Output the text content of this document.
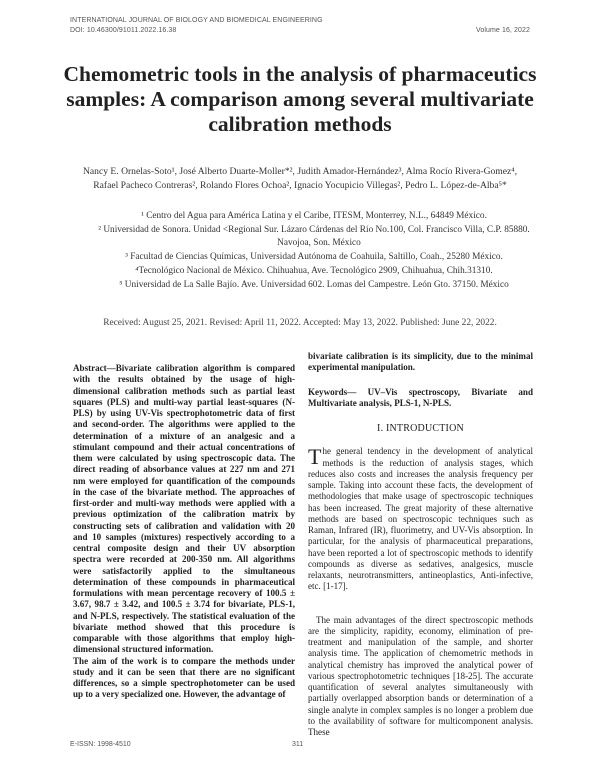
INTERNATIONAL JOURNAL OF BIOLOGY AND BIOMEDICAL ENGINEERING
DOI: 10.46300/91011.2022.16.38	Volume 16, 2022
Chemometric tools in the analysis of pharmaceutics samples: A comparison among several multivariate calibration methods
Nancy E. Ornelas-Soto¹, José Alberto Duarte-Moller*², Judith Amador-Hernández³, Alma Rocío Rivera-Gomez⁴, Rafael Pacheco Contreras², Rolando Flores Ochoa², Ignacio Yocupicio Villegas², Pedro L. López-de-Alba⁵*
¹ Centro del Agua para América Latina y el Caribe, ITESM, Monterrey, N.L., 64849 México.
² Universidad de Sonora. Unidad <Regional Sur. Lázaro Cárdenas del Río No.100, Col. Francisco Villa, C.P. 85880. Navojoa, Son. México
³ Facultad de Ciencias Químicas, Universidad Autónoma de Coahuila, Saltillo, Coah., 25280 México.
⁴Tecnológico Nacional de México. Chihuahua, Ave. Tecnológico 2909, Chihuahua, Chih.31310.
⁵ Universidad de La Salle Bajío. Ave. Universidad 602. Lomas del Campestre. León Gto. 37150. México
Received: August 25, 2021. Revised: April 11, 2022. Accepted: May 13, 2022. Published: June 22, 2022.

Abstract—Bivariate calibration algorithm is compared with the results obtained by the usage of high-dimensional calibration methods such as partial least squares (PLS) and multi-way partial least-squares (N-PLS) by using UV-Vis spectrophotometric data of first and second-order. The algorithms were applied to the determination of a mixture of an analgesic and a stimulant compound and their actual concentrations of them were calculated by using spectroscopic data. The direct reading of absorbance values at 227 nm and 271 nm were employed for quantification of the compounds in the case of the bivariate method. The approaches of first-order and multi-way methods were applied with a previous optimization of the calibration matrix by constructing sets of calibration and validation with 20 and 10 samples (mixtures) respectively according to a central composite design and their UV absorption spectra were recorded at 200-350 nm. All algorithms were satisfactorily applied to the simultaneous determination of these compounds in pharmaceutical formulations with mean percentage recovery of 100.5 ± 3.67, 98.7 ± 3.42, and 100.5 ± 3.74 for bivariate, PLS-1, and N-PLS, respectively. The statistical evaluation of the bivariate method showed that this procedure is comparable with those algorithms that employ high-dimensional structured information.

The aim of the work is to compare the methods under study and it can be seen that there are no significant differences, so a simple spectrophotometer can be used up to a very specialized one. However, the advantage of

bivariate calibration is its simplicity, due to the minimal experimental manipulation.
Keywords— UV–Vis spectroscopy, Bivariate and Multivariate analysis, PLS-1, N-PLS.
I. INTRODUCTION
The general tendency in the development of analytical methods is the reduction of analysis stages, which reduces also costs and increases the analysis frequency per sample. Taking into account these facts, the development of methodologies that make usage of spectroscopic techniques has been increased. The great majority of these alternative methods are based on spectroscopic techniques such as Raman, Infrared (IR), fluorimetry, and UV-Vis absorption. In particular, for the analysis of pharmaceutical preparations, have been reported a lot of spectroscopic methods to identify compounds as diverse as sedatives, analgesics, muscle relaxants, neurotransmitters, antineoplastics, Anti-infective, etc. [1-17].
The main advantages of the direct spectroscopic methods are the simplicity, rapidity, economy, elimination of pre-treatment and manipulation of the sample, and shorter analysis time. The application of chemometric methods in analytical chemistry has improved the analytical power of various spectrophotometric techniques [18-25]. The accurate quantification of several analytes simultaneously with partially overlapped absorption bands or determination of a single analyte in complex samples is no longer a problem due to the availability of software for multicomponent analysis. These
E-ISSN: 1998-4510	311
